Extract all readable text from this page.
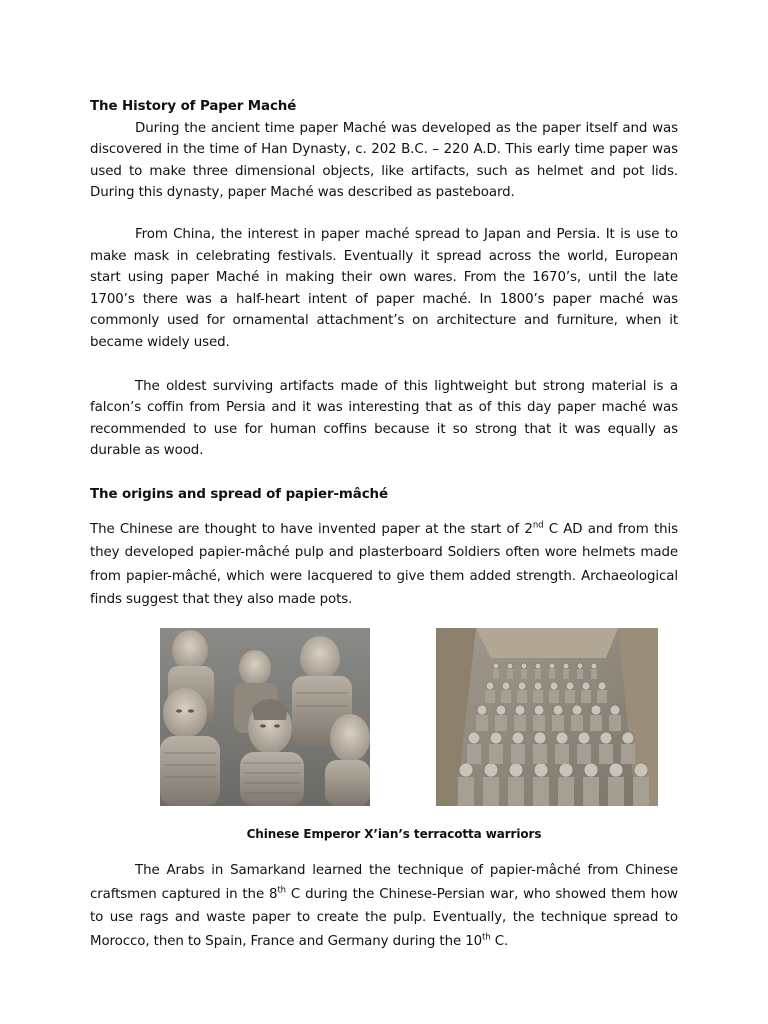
The History of Paper Maché

During the ancient time paper Maché was developed as the paper itself and was discovered in the time of Han Dynasty, c. 202 B.C. – 220 A.D. This early time paper was used to make three dimensional objects, like artifacts, such as helmet and pot lids. During this dynasty, paper Maché was described as pasteboard.

From China, the interest in paper maché spread to Japan and Persia. It is use to make mask in celebrating festivals. Eventually it spread across the world, European start using paper Maché in making their own wares. From the 1670’s, until the late 1700’s there was a half-heart intent of paper maché. In 1800’s paper maché was commonly used for ornamental attachment’s on architecture and furniture, when it became widely used.

The oldest surviving artifacts made of this lightweight but strong material is a falcon’s coffin from Persia and it was interesting that as of this day paper maché was recommended to use for human coffins because it so strong that it was equally as durable as wood.

The origins and spread of papier-mâché

The Chinese are thought to have invented paper at the start of 2nd C AD and from this they developed papier-mâché pulp and plasterboard Soldiers often wore helmets made from papier-mâché, which were lacquered to give them added strength. Archaeological finds suggest that they also made pots.

Chinese Emperor X’ian’s terracotta warriors

The Arabs in Samarkand learned the technique of papier-mâché from Chinese craftsmen captured in the 8th C during the Chinese-Persian war, who showed them how to use rags and waste paper to create the pulp. Eventually, the technique spread to Morocco, then to Spain, France and Germany during the 10th C.
